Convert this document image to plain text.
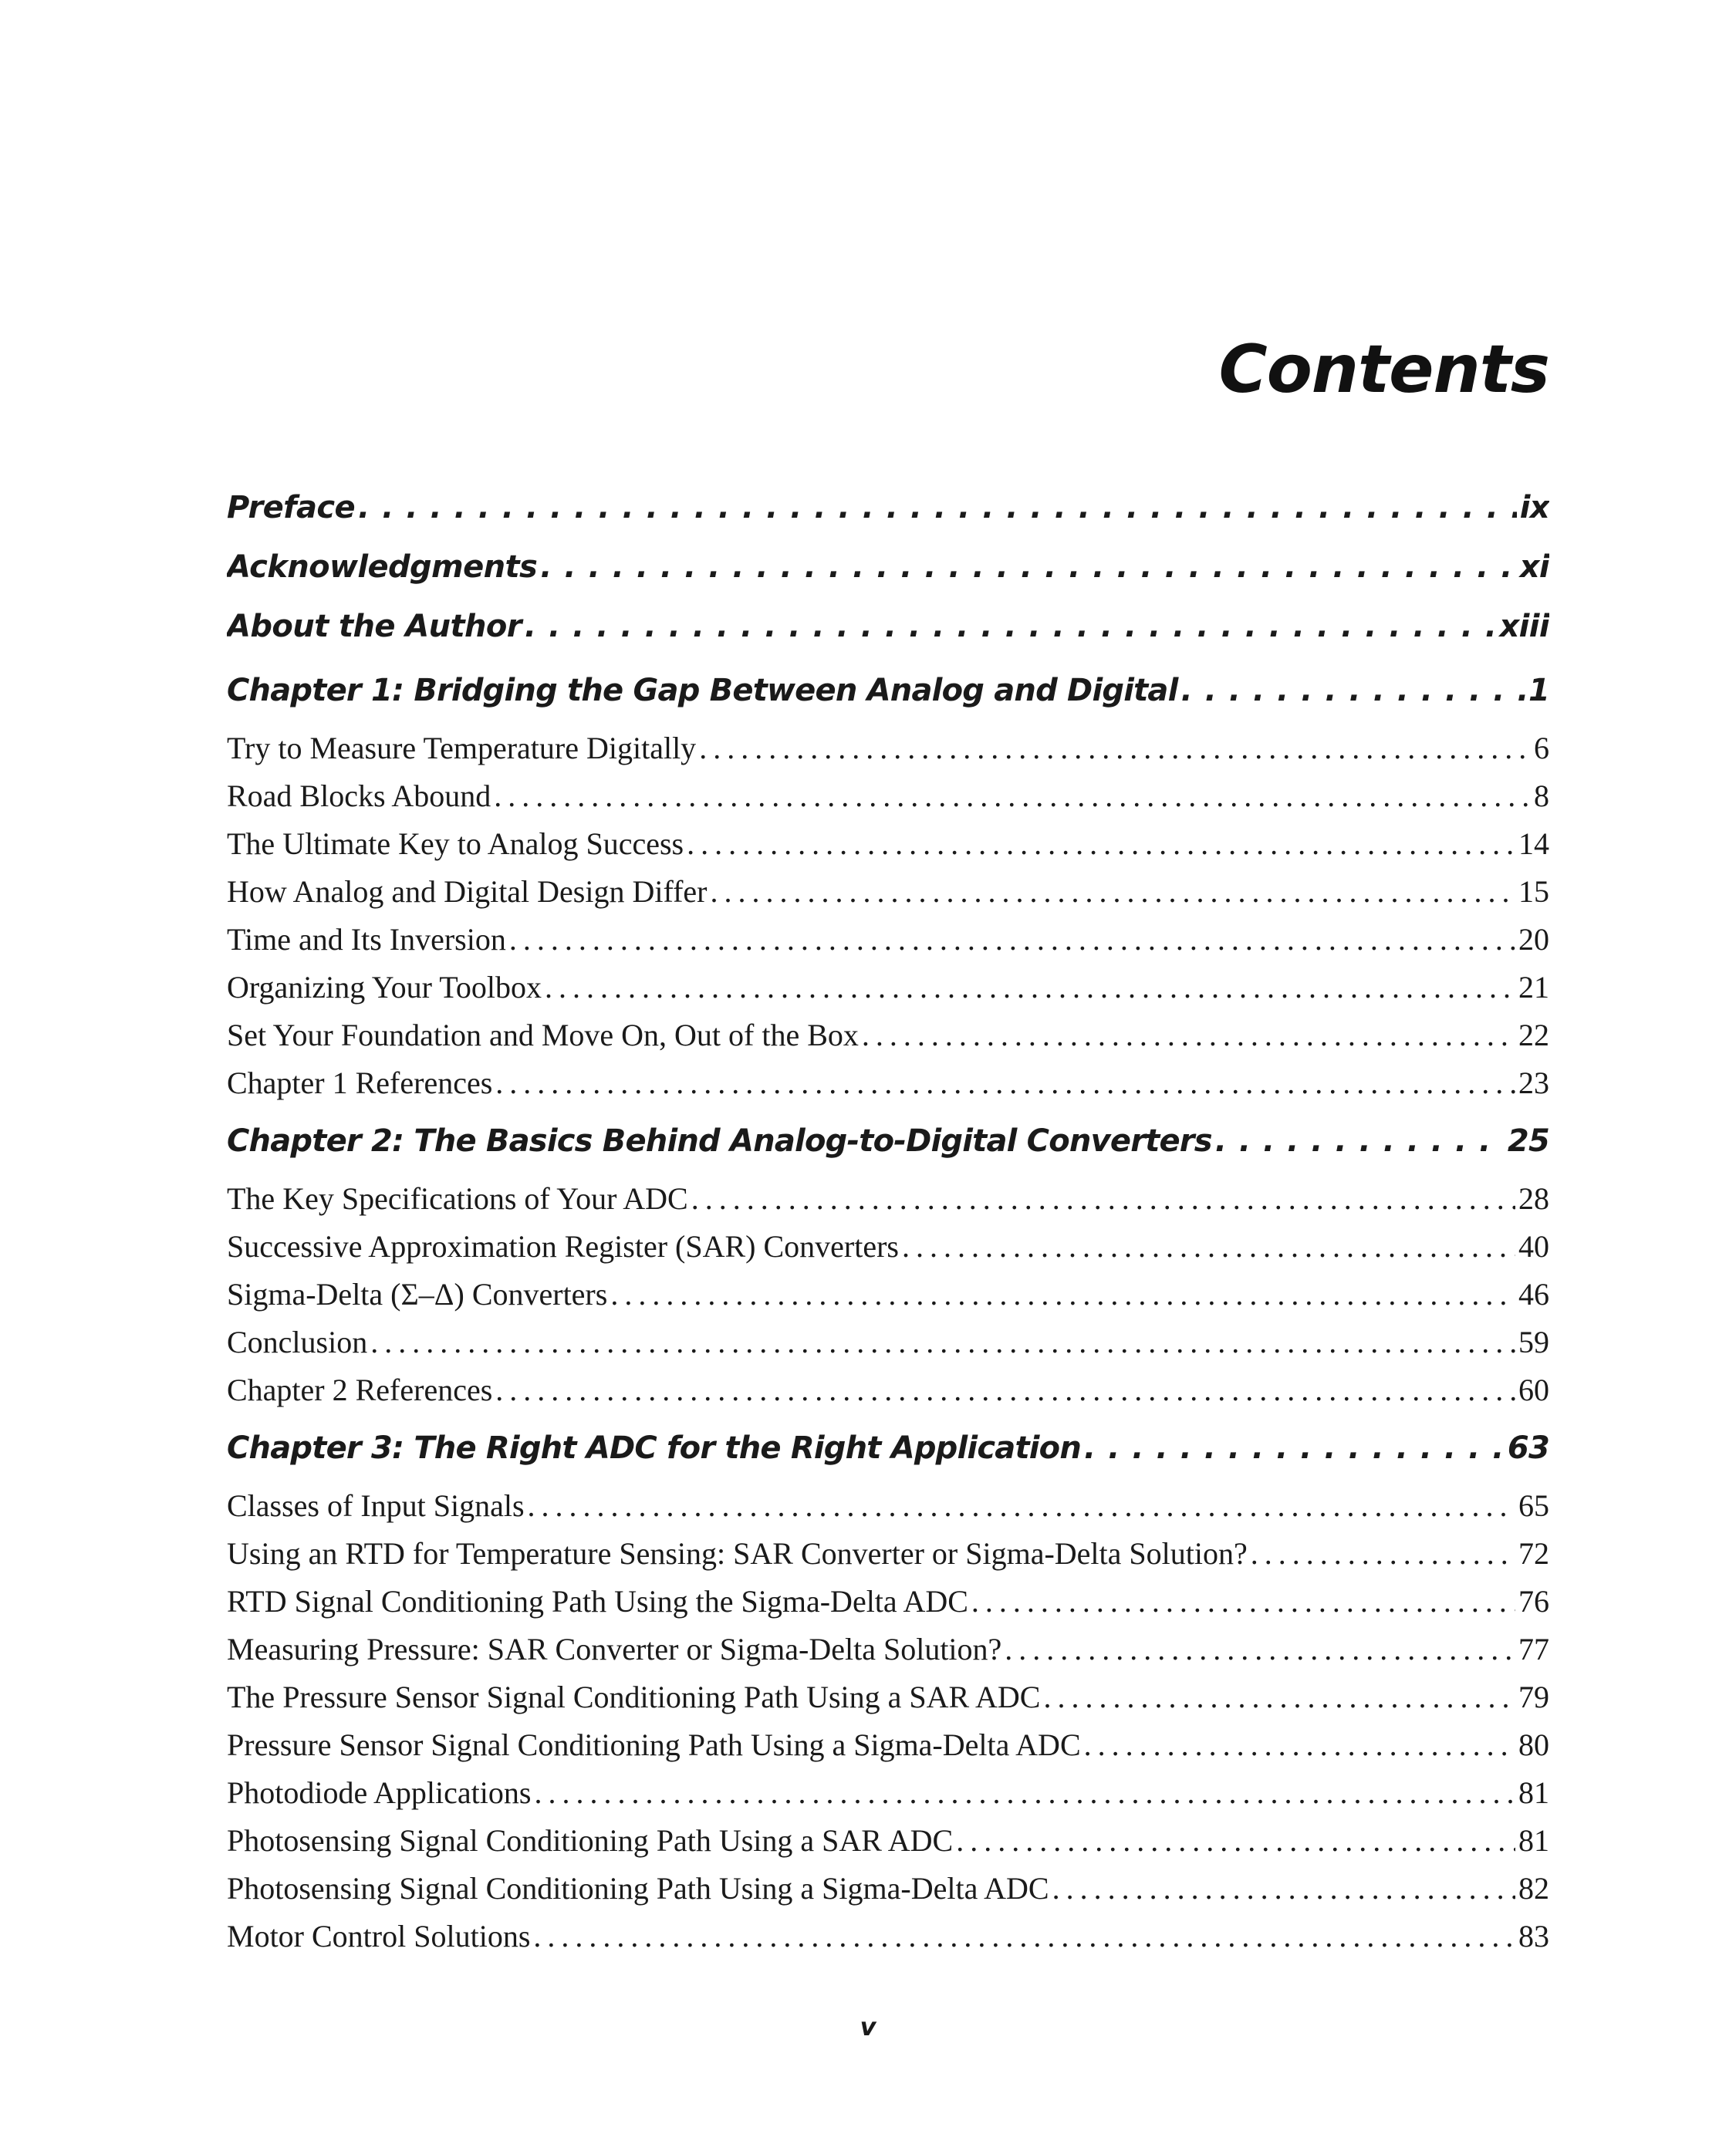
Contents
Preface . . .	ix
Acknowledgments . . .	xi
About the Author . . .	xiii
Chapter 1: Bridging the Gap Between Analog and Digital . . .	1
Try to Measure Temperature Digitally . . .	6
Road Blocks Abound . . .	8
The Ultimate Key to Analog Success . . .	14
How Analog and Digital Design Differ . . .	15
Time and Its Inversion . . .	20
Organizing Your Toolbox . . .	21
Set Your Foundation and Move On, Out of the Box . . .	22
Chapter 1 References . . .	23
Chapter 2: The Basics Behind Analog-to-Digital Converters . . .	25
The Key Specifications of Your ADC . . .	28
Successive Approximation Register (SAR) Converters . . .	40
Sigma-Delta (Σ–Δ) Converters . . .	46
Conclusion . . .	59
Chapter 2 References . . .	60
Chapter 3: The Right ADC for the Right Application . . .	63
Classes of Input Signals . . .	65
Using an RTD for Temperature Sensing: SAR Converter or Sigma-Delta Solution? . . .	72
RTD Signal Conditioning Path Using the Sigma-Delta ADC . . .	76
Measuring Pressure: SAR Converter or Sigma-Delta Solution? . . .	77
The Pressure Sensor Signal Conditioning Path Using a SAR ADC . . .	79
Pressure Sensor Signal Conditioning Path Using a Sigma-Delta ADC . . .	80
Photodiode Applications . . .	81
Photosensing Signal Conditioning Path Using a SAR ADC . . .	81
Photosensing Signal Conditioning Path Using a Sigma-Delta ADC . . .	82
Motor Control Solutions . . .	83
v
